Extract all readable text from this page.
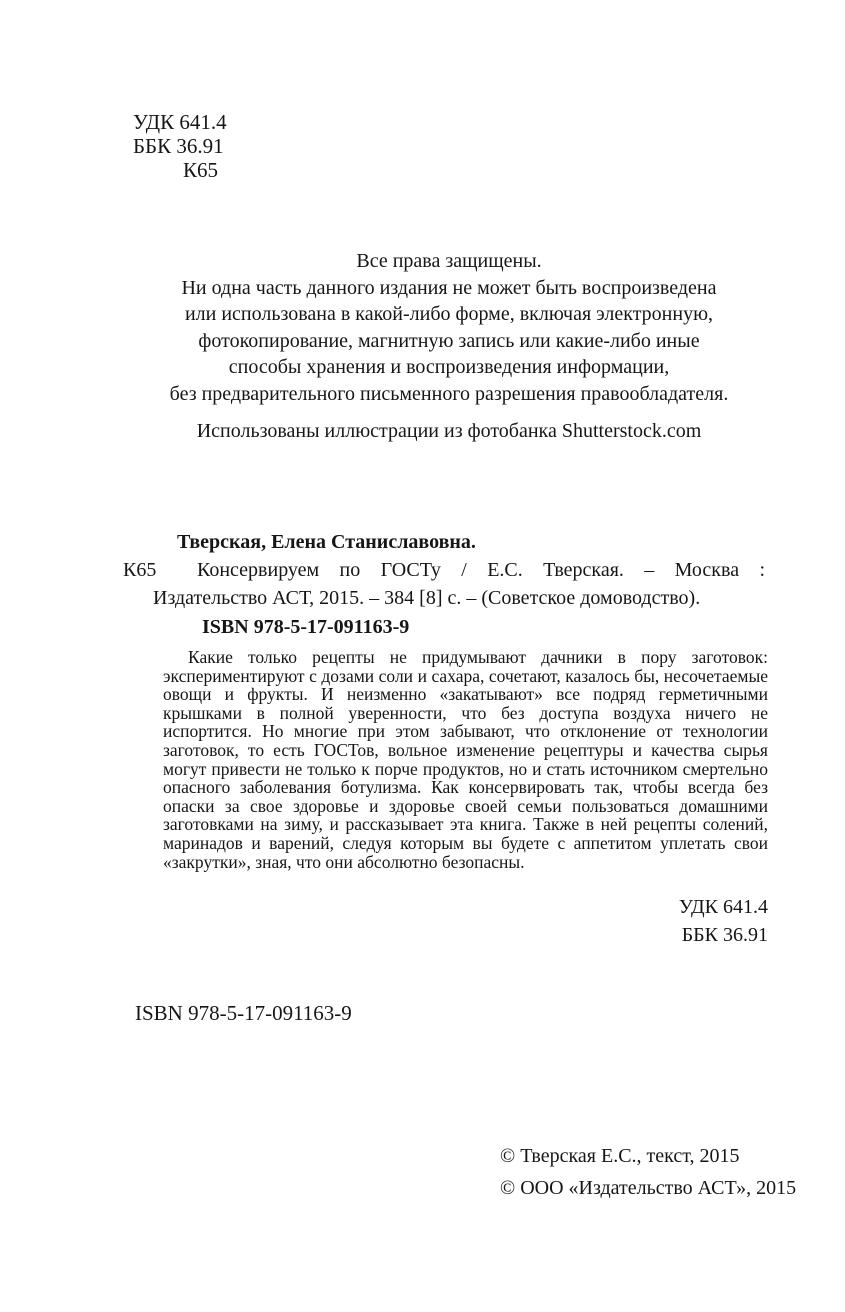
УДК 641.4
ББК 36.91
К65
Все права защищены.
Ни одна часть данного издания не может быть воспроизведена
или использована в какой-либо форме, включая электронную,
фотокопирование, магнитную запись или какие-либо иные
способы хранения и воспроизведения информации,
без предварительного письменного разрешения правообладателя.
Использованы иллюстрации из фотобанка Shutterstock.com
Тверская, Елена Станиславовна.
К65	Консервируем по ГОСТу / Е.С. Тверская. – Москва :
Издательство АСТ, 2015. – 384 [8] с. – (Советское домоводство).
ISBN 978-5-17-091163-9
Какие только рецепты не придумывают дачники в пору заготовок: экспериментируют с дозами соли и сахара, сочетают, казалось бы, несочетаемые овощи и фрукты. И неизменно «закатывают» все подряд герметичными крышками в полной уверенности, что без доступа воздуха ничего не испортится. Но многие при этом забывают, что отклонение от технологии заготовок, то есть ГОСТов, вольное изменение рецептуры и качества сырья могут привести не только к порче продуктов, но и стать источником смертельно опасного заболевания ботулизма. Как консервировать так, чтобы всегда без опаски за свое здоровье и здоровье своей семьи пользоваться домашними заготовками на зиму, и рассказывает эта книга. Также в ней рецепты солений, маринадов и варений, следуя которым вы будете с аппетитом уплетать свои «закрутки», зная, что они абсолютно безопасны.
УДК 641.4
ББК 36.91
ISBN 978-5-17-091163-9
© Тверская Е.С., текст, 2015
© ООО «Издательство АСТ», 2015
